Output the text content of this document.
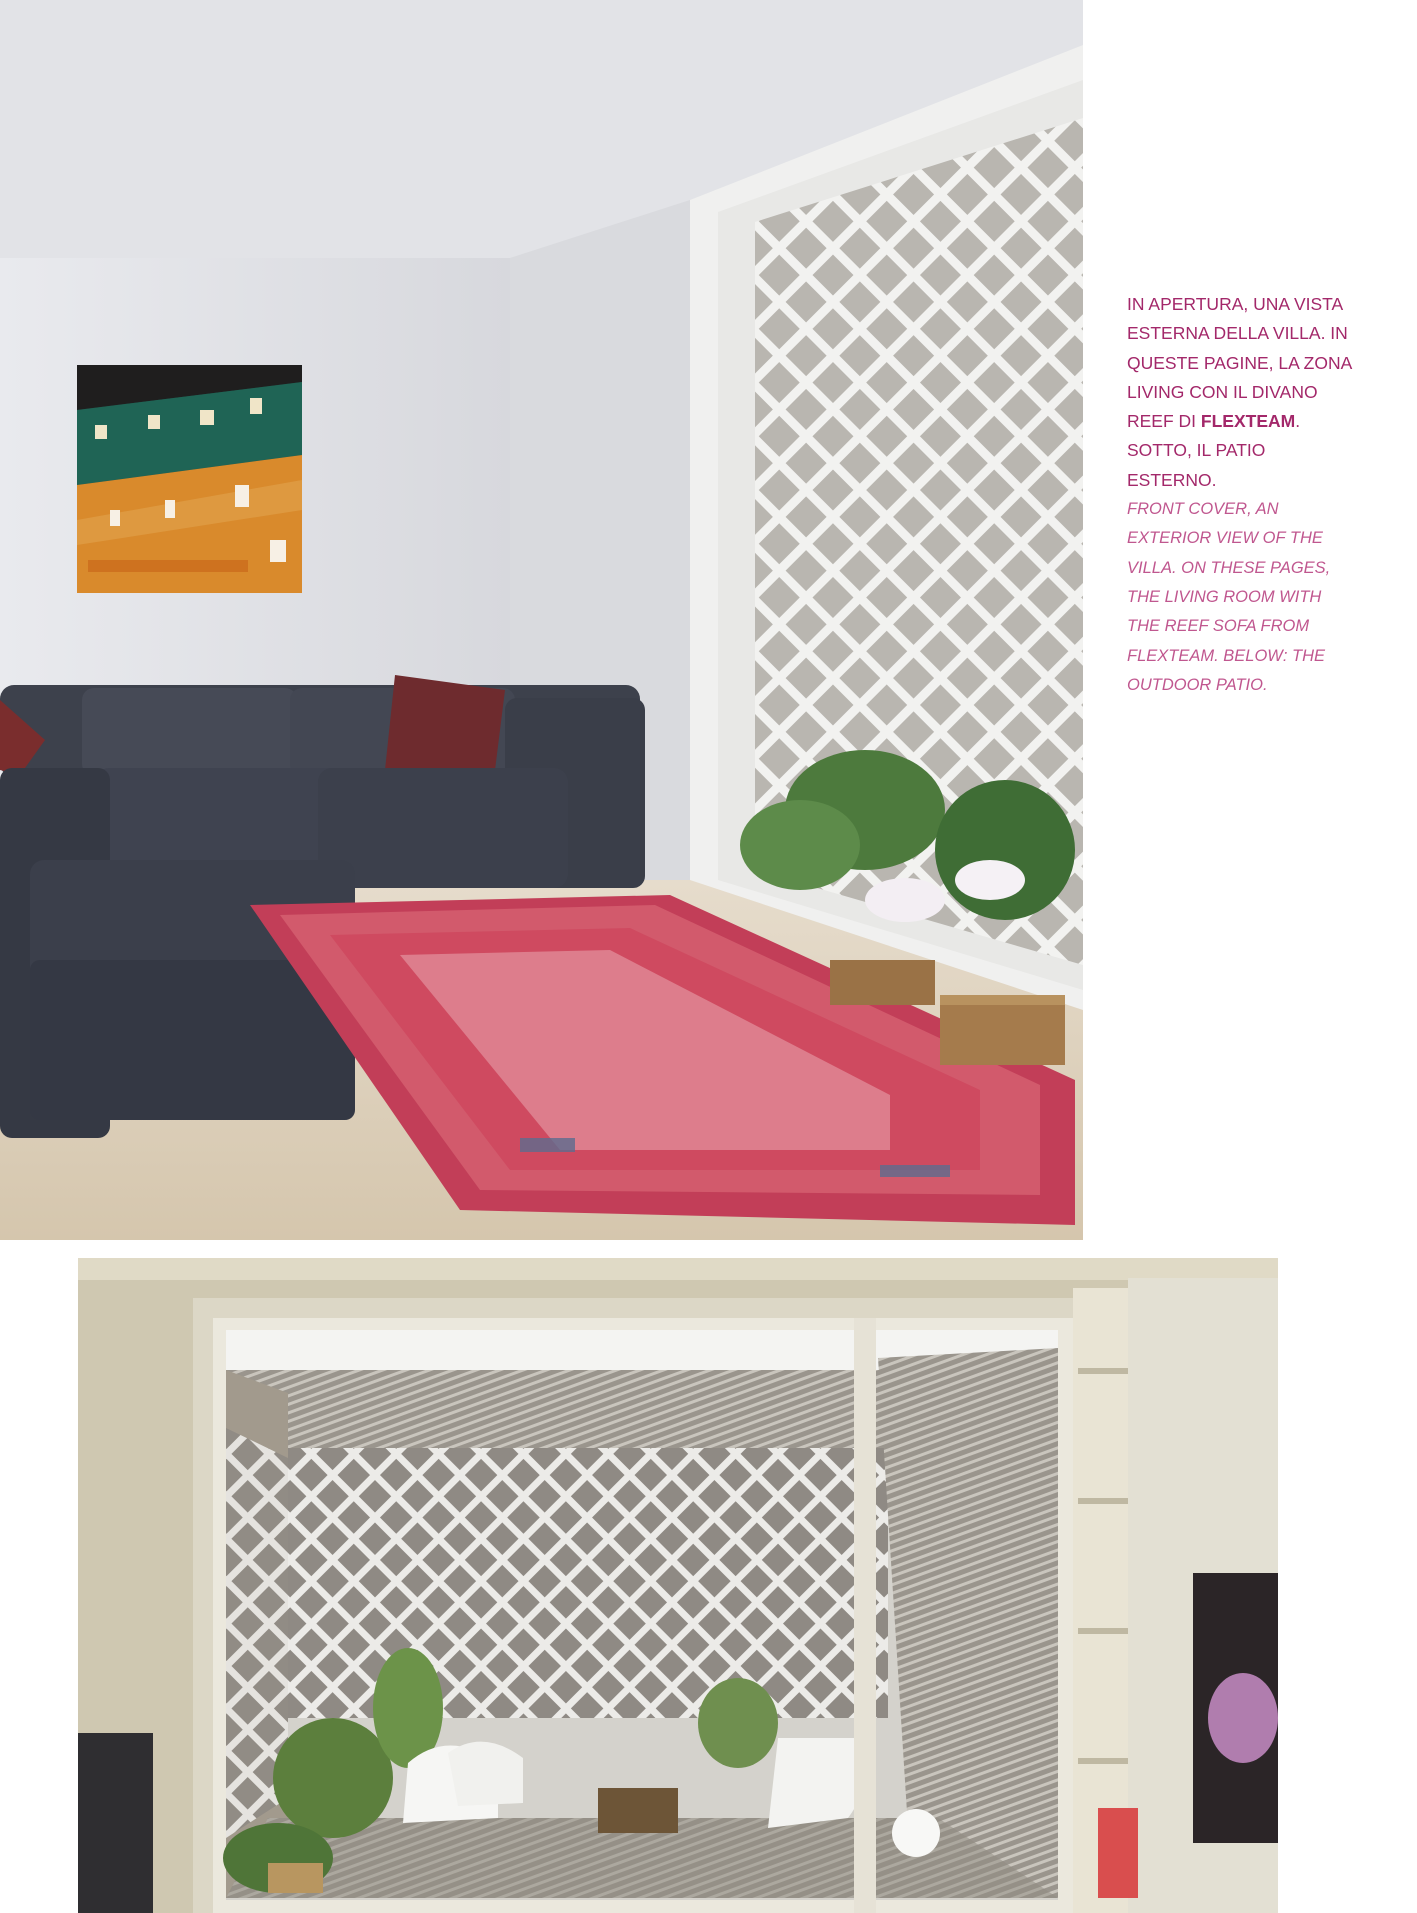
IN APERTURA, UNA VISTA ESTERNA DELLA VILLA. IN QUESTE PAGINE, LA ZONA LIVING CON IL DIVANO REEF DI FLEXTEAM. SOTTO, IL PATIO ESTERNO.
FRONT COVER, AN EXTERIOR VIEW OF THE VILLA. ON THESE PAGES, THE LIVING ROOM WITH THE REEF SOFA FROM FLEXTEAM. BELOW: THE OUTDOOR PATIO.
